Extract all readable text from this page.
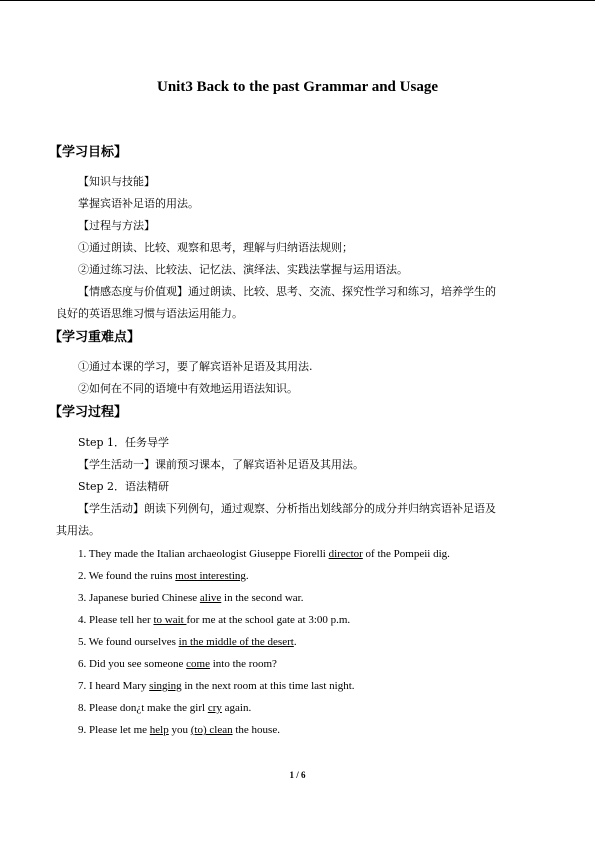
Unit3 Back to the past Grammar and Usage
【学习目标】
【知识与技能】
掌握宾语补足语的用法。
【过程与方法】
①通过朗读、比较、观察和思考，理解与归纳语法规则；
②通过练习法、比较法、记忆法、演绎法、实践法掌握与运用语法。
【情感态度与价值观】通过朗读、比较、思考、交流、探究性学习和练习，培养学生的
良好的英语思维习惯与语法运用能力。
【学习重难点】
①通过本课的学习，要了解宾语补足语及其用法.
②如何在不同的语境中有效地运用语法知识。
【学习过程】
Step 1．任务导学
【学生活动一】课前预习课本，了解宾语补足语及其用法。
Step 2．语法精研
【学生活动】朗读下列例句，通过观察、分析指出划线部分的成分并归纳宾语补足语及
其用法。
1. They made the Italian archaeologist Giuseppe Fiorelli director of the Pompeii dig.
2. We found the ruins most interesting.
3. Japanese buried Chinese alive in the second war.
4. Please tell her to wait for me at the school gate at 3:00 p.m.
5. We found ourselves in the middle of the desert.
6. Did you see someone come into the room?
7. I heard Mary singing in the next room at this time last night.
8. Please don¿t make the girl cry again.
9. Please let me help you (to) clean the house.
1 / 6
